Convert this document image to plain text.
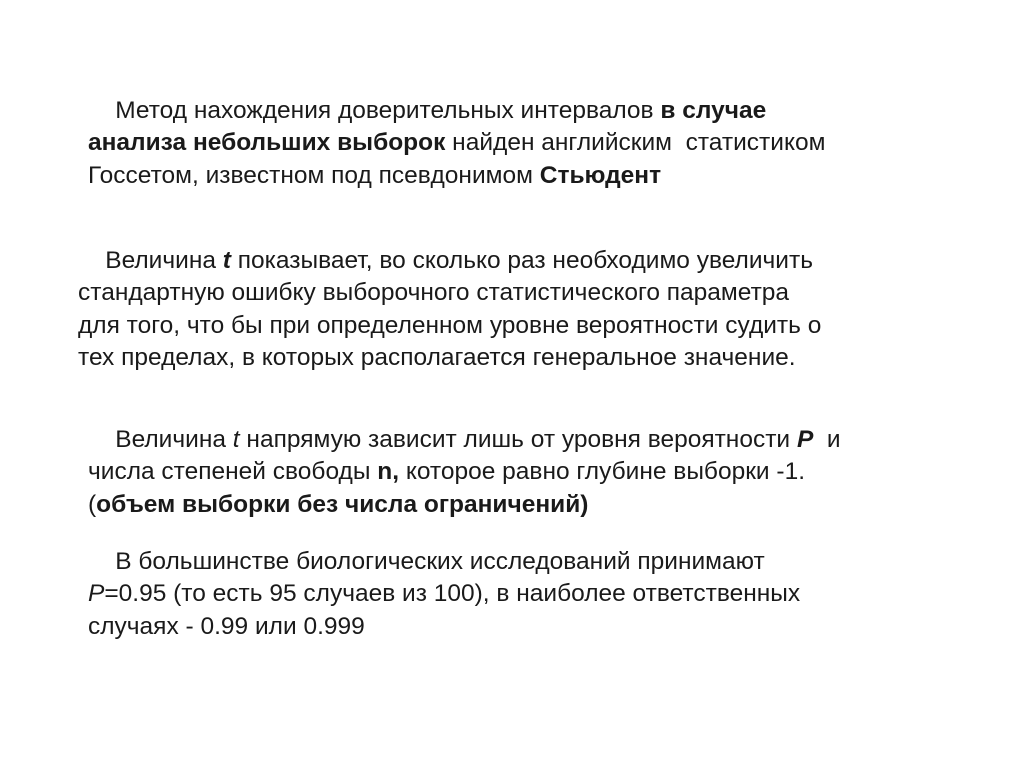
Метод нахождения доверительных интервалов в случае
анализа небольших выборок найден английским  статистиком
Госсетом, известном под псевдонимом Стьюдент

Величина t показывает, во сколько раз необходимо увеличить
стандартную ошибку выборочного статистического параметра
для того, что бы при определенном уровне вероятности судить о
тех пределах, в которых располагается генеральное значение.

Величина t напрямую зависит лишь от уровня вероятности Р  и
числа степеней свободы n, которое равно глубине выборки -1.
(объем выборки без числа ограничений)

В большинстве биологических исследований принимают
Р=0.95 (то есть 95 случаев из 100), в наиболее ответственных
случаях - 0.99 или 0.999
